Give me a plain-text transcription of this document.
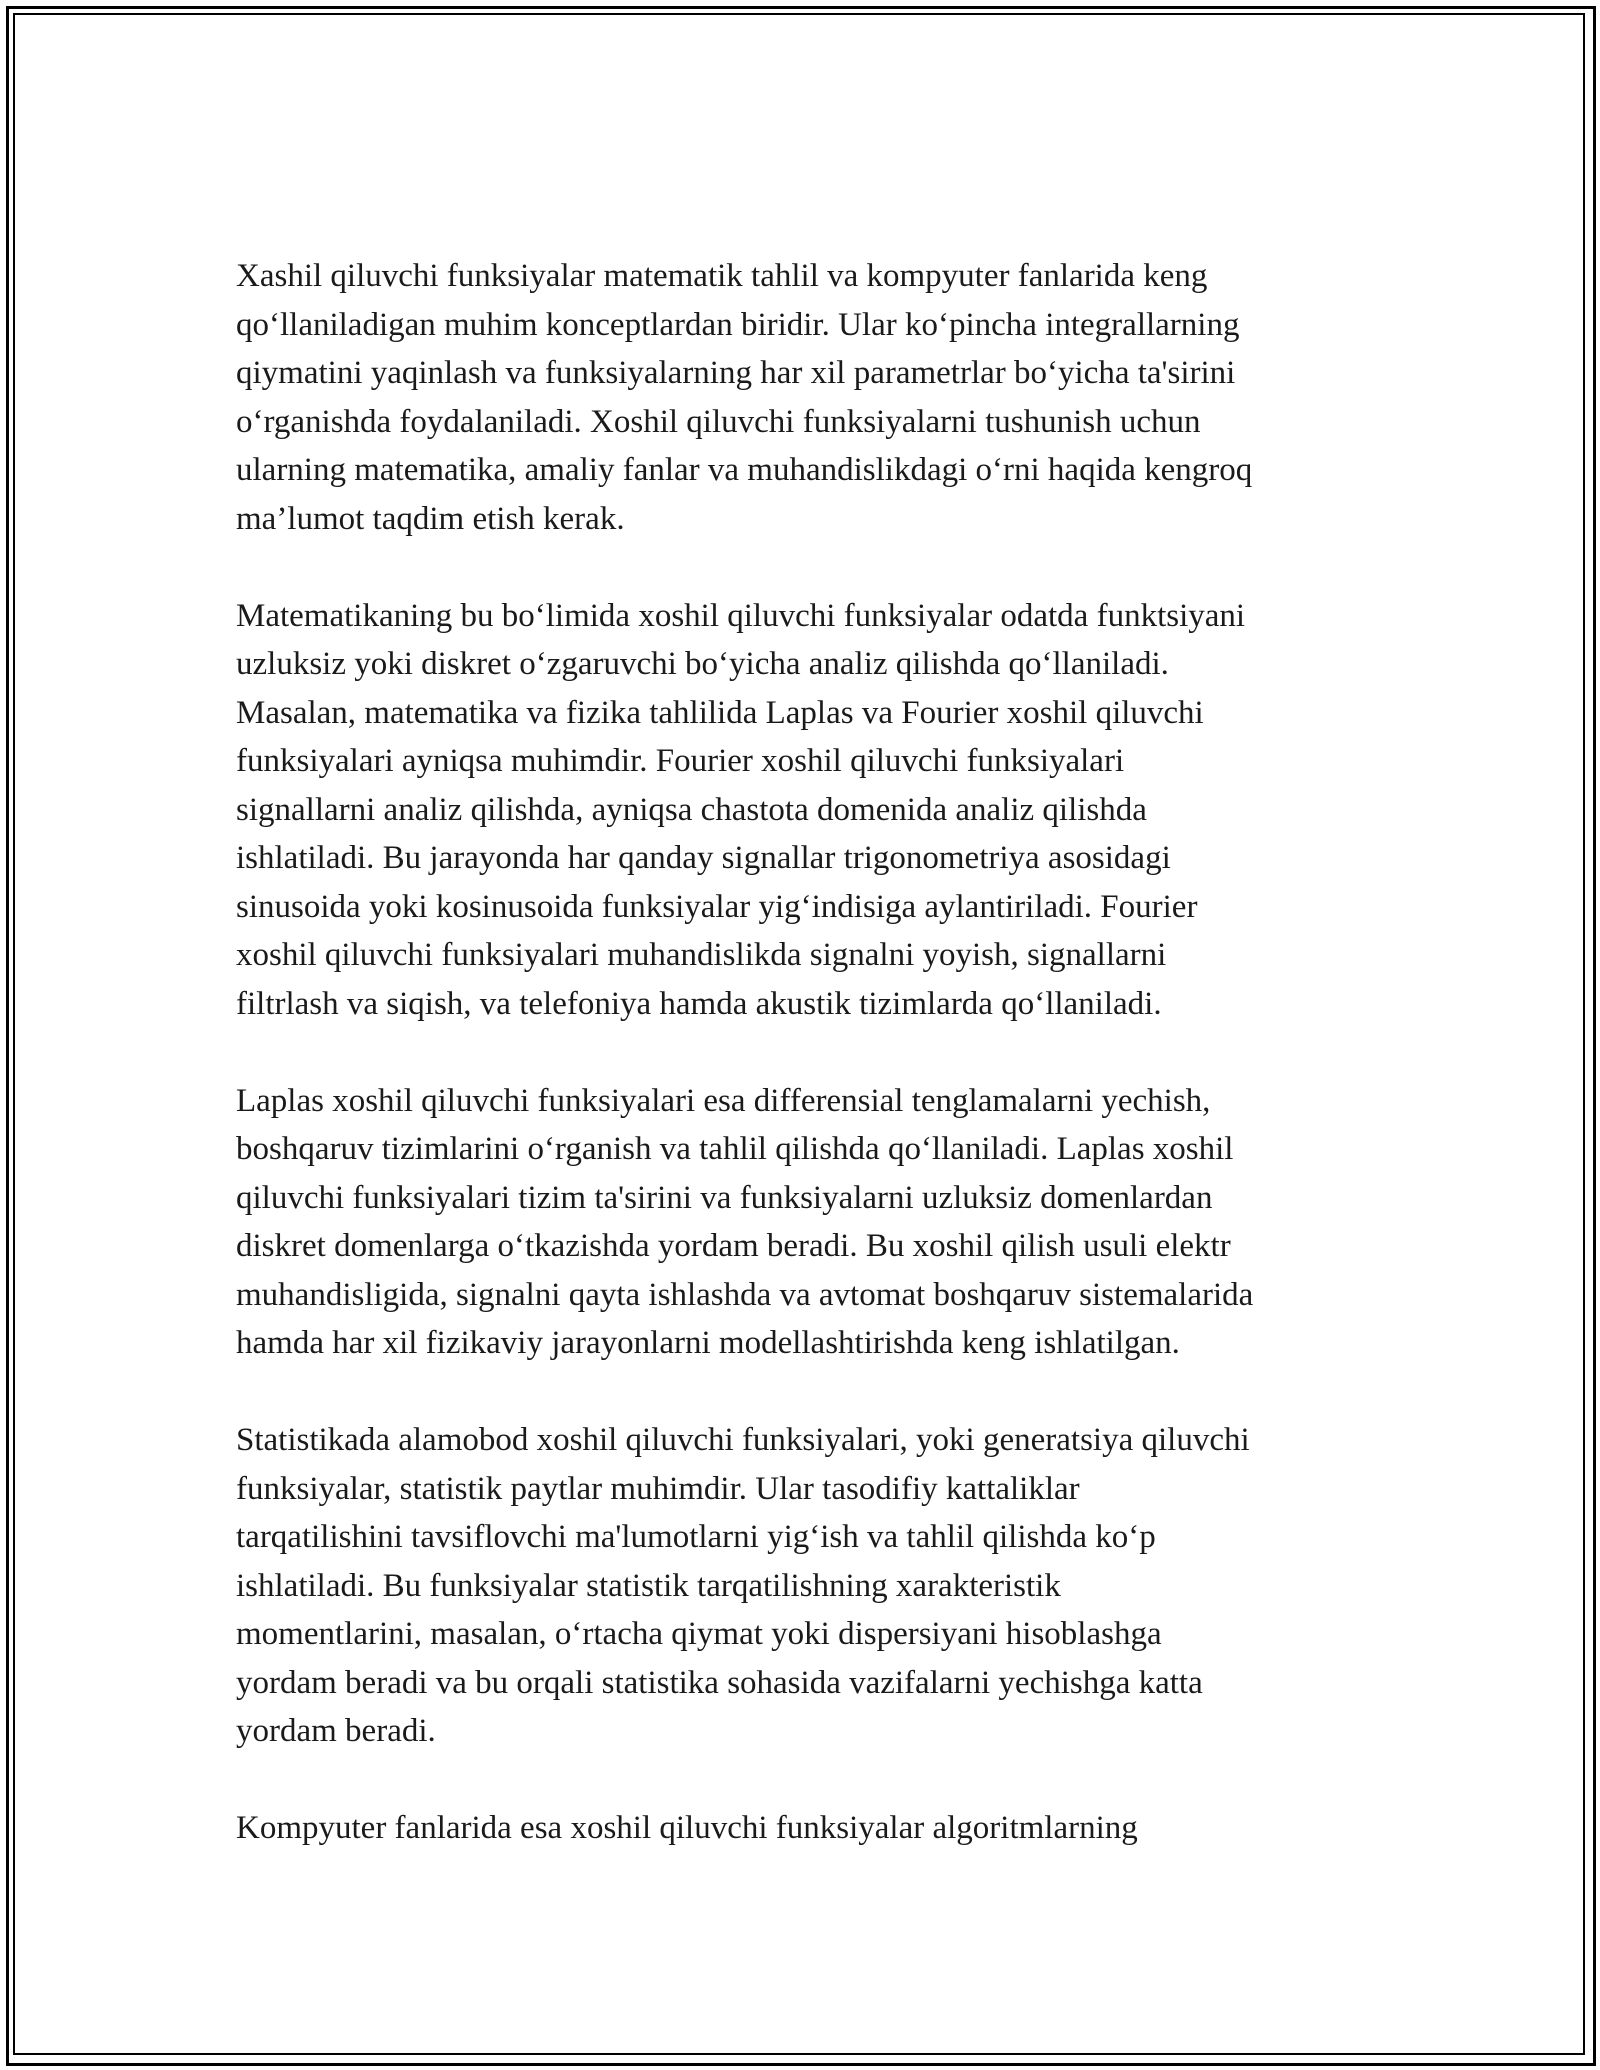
Xashil qiluvchi funksiyalar matematik tahlil va kompyuter fanlarida keng
qo‘llaniladigan muhim konceptlardan biridir. Ular ko‘pincha integrallarning
qiymatini yaqinlash va funksiyalarning har xil parametrlar bo‘yicha ta'sirini
o‘rganishda foydalaniladi. Xoshil qiluvchi funksiyalarni tushunish uchun
ularning matematika, amaliy fanlar va muhandislikdagi o‘rni haqida kengroq
ma’lumot taqdim etish kerak.

Matematikaning bu bo‘limida xoshil qiluvchi funksiyalar odatda funktsiyani
uzluksiz yoki diskret o‘zgaruvchi bo‘yicha analiz qilishda qo‘llaniladi.
Masalan, matematika va fizika tahlilida Laplas va Fourier xoshil qiluvchi
funksiyalari ayniqsa muhimdir. Fourier xoshil qiluvchi funksiyalari
signallarni analiz qilishda, ayniqsa chastota domenida analiz qilishda
ishlatiladi. Bu jarayonda har qanday signallar trigonometriya asosidagi
sinusoida yoki kosinusoida funksiyalar yig‘indisiga aylantiriladi. Fourier
xoshil qiluvchi funksiyalari muhandislikda signalni yoyish, signallarni
filtrlash va siqish, va telefoniya hamda akustik tizimlarda qo‘llaniladi.

Laplas xoshil qiluvchi funksiyalari esa differensial tenglamalarni yechish,
boshqaruv tizimlarini o‘rganish va tahlil qilishda qo‘llaniladi. Laplas xoshil
qiluvchi funksiyalari tizim ta'sirini va funksiyalarni uzluksiz domenlardan
diskret domenlarga o‘tkazishda yordam beradi. Bu xoshil qilish usuli elektr
muhandisligida, signalni qayta ishlashda va avtomat boshqaruv sistemalarida
hamda har xil fizikaviy jarayonlarni modellashtirishda keng ishlatilgan.

Statistikada alamobod xoshil qiluvchi funksiyalari, yoki generatsiya qiluvchi
funksiyalar, statistik paytlar muhimdir. Ular tasodifiy kattaliklar
tarqatilishini tavsiflovchi ma'lumotlarni yig‘ish va tahlil qilishda ko‘p
ishlatiladi. Bu funksiyalar statistik tarqatilishning xarakteristik
momentlarini, masalan, o‘rtacha qiymat yoki dispersiyani hisoblashga
yordam beradi va bu orqali statistika sohasida vazifalarni yechishga katta
yordam beradi.

Kompyuter fanlarida esa xoshil qiluvchi funksiyalar algoritmlarning
